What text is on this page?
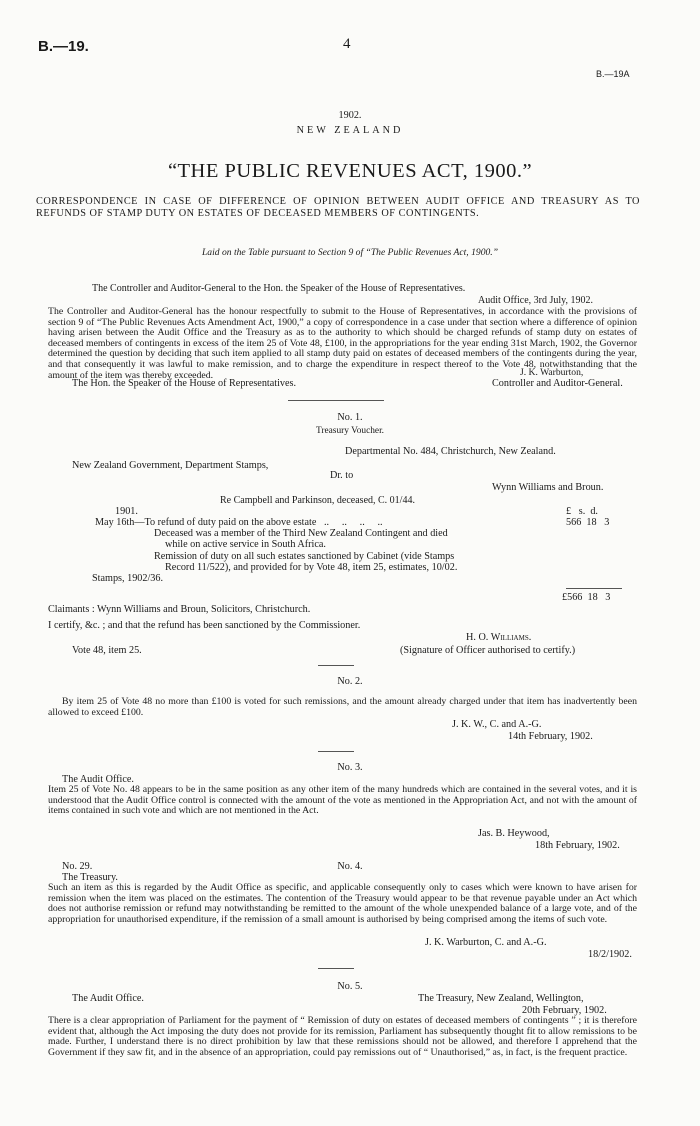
B.—19.	4
B.—19A
1902.
NEW ZEALAND
“THE PUBLIC REVENUES ACT, 1900.”
CORRESPONDENCE IN CASE OF DIFFERENCE OF OPINION BETWEEN AUDIT OFFICE AND TREASURY AS TO REFUNDS OF STAMP DUTY ON ESTATES OF DECEASED MEMBERS OF CONTINGENTS.
Laid on the Table pursuant to Section 9 of “The Public Revenues Act, 1900.”
The Controller and Auditor-General to the Hon. the Speaker of the House of Representatives.
Audit Office, 3rd July, 1902.
The Controller and Auditor-General has the honour respectfully to submit to the House of Representatives, in accordance with the provisions of section 9 of “The Public Revenues Acts Amendment Act, 1900,” a copy of correspondence in a case under that section where a difference of opinion having arisen between the Audit Office and the Treasury as as to the authority to which should be charged refunds of stamp duty on estates of deceased members of contingents in excess of the item 25 of Vote 48, £100, in the appropriations for the year ending 31st March, 1902, the Governor determined the question by deciding that such item applied to all stamp duty paid on estates of deceased members of the contingents during the year, and that consequently it was lawful to make remission, and to charge the expenditure in respect thereof to the Vote 48, notwithstanding that the amount of the item was thereby exceeded.	J. K. Warburton,
The Hon. the Speaker of the House of Representatives.	Controller and Auditor-General.
No. 1.
Treasury Voucher.
Departmental No. 484, Christchurch, New Zealand.
New Zealand Government, Department Stamps,
Dr. to
Wynn Williams and Broun.
Re Campbell and Parkinson, deceased, C. 01/44.
1901.	£   s.  d.
May 16th—To refund of duty paid on the above estate   ..     ..     ..     ..	566  18   3
Deceased was a member of the Third New Zealand Contingent and died
while on active service in South Africa.
Remission of duty on all such estates sanctioned by Cabinet (vide Stamps
Record 11/522), and provided for by Vote 48, item 25, estimates, 10/02.
Stamps, 1902/36.
£566  18   3
Claimants : Wynn Williams and Broun, Solicitors, Christchurch.
I certify, &c. ; and that the refund has been sanctioned by the Commissioner.
H. O. Williams.
Vote 48, item 25.	(Signature of Officer authorised to certify.)
No. 2.
By item 25 of Vote 48 no more than £100 is voted for such remissions, and the amount already charged under that item has inadvertently been allowed to exceed £100.
J. K. W., C. and A.-G.
14th February, 1902.
No. 3.
The Audit Office.
Item 25 of Vote No. 48 appears to be in the same position as any other item of the many hundreds which are contained in the several votes, and it is understood that the Audit Office control is connected with the amount of the vote as mentioned in the Appropriation Act, and not with the amount of items contained in such vote and which are not mentioned in the Act.
Jas. B. Heywood,
18th February, 1902.
No. 29.	No. 4.
The Treasury.
Such an item as this is regarded by the Audit Office as specific, and applicable consequently only to cases which were known to have arisen for remission when the item was placed on the estimates. The contention of the Treasury would appear to be that revenue payable under an Act which does not authorise remission or refund may notwithstanding be remitted to the amount of the whole unexpended balance of a large vote, and of the appropriation for unauthorised expenditure, if the remission of a small amount is authorised by being comprised among the items of such vote.
J. K. Warburton, C. and A.-G.
18/2/1902.
No. 5.
The Audit Office.	The Treasury, New Zealand, Wellington,
20th February, 1902.
There is a clear appropriation of Parliament for the payment of “ Remission of duty on estates of deceased members of contingents ” ; it is therefore evident that, although the Act imposing the duty does not provide for its remission, Parliament has subsequently thought fit to allow remissions to be made. Further, I understand there is no direct prohibition by law that these remissions should not be allowed, and therefore I apprehend that the Government if they saw fit, and in the absence of an appropriation, could pay remissions out of “ Unauthorised,” as, in fact, is the frequent practice.
